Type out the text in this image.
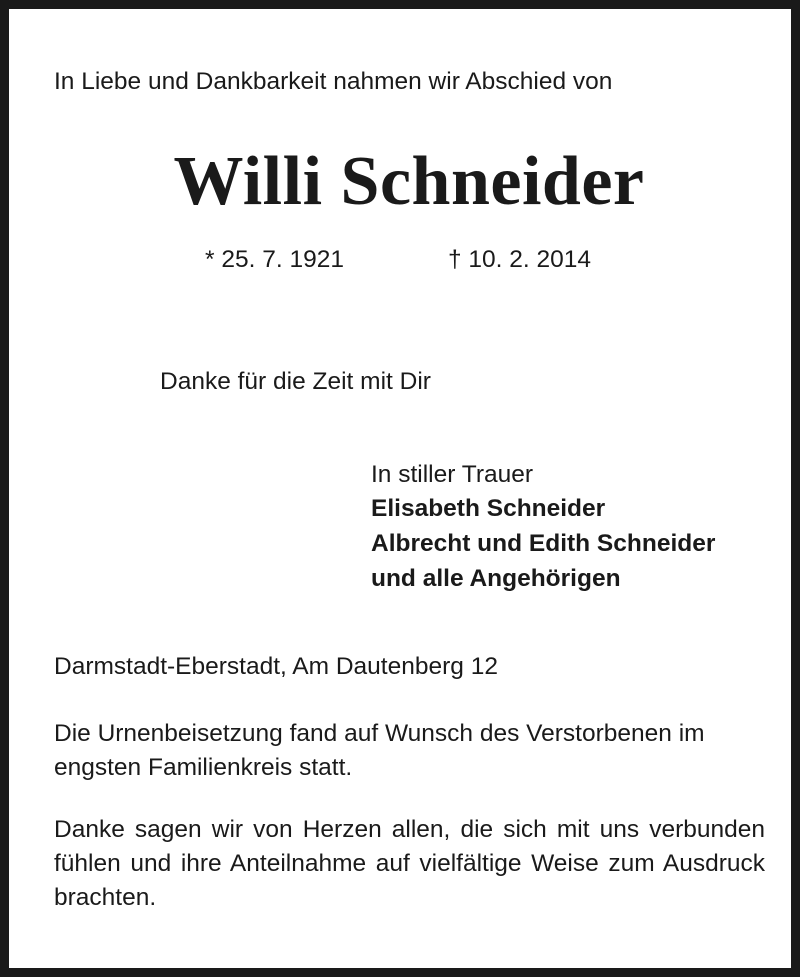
In Liebe und Dankbarkeit nahmen wir Abschied von
Willi Schneider
* 25. 7. 1921	† 10. 2. 2014
Danke für die Zeit mit Dir
In stiller Trauer
Elisabeth Schneider
Albrecht und Edith Schneider
und alle Angehörigen
Darmstadt-Eberstadt, Am Dautenberg 12
Die Urnenbeisetzung fand auf Wunsch des Verstorbenen im engsten Familienkreis statt.
Danke sagen wir von Herzen allen, die sich mit uns verbunden fühlen und ihre Anteilnahme auf vielfältige Weise zum Ausdruck brachten.
